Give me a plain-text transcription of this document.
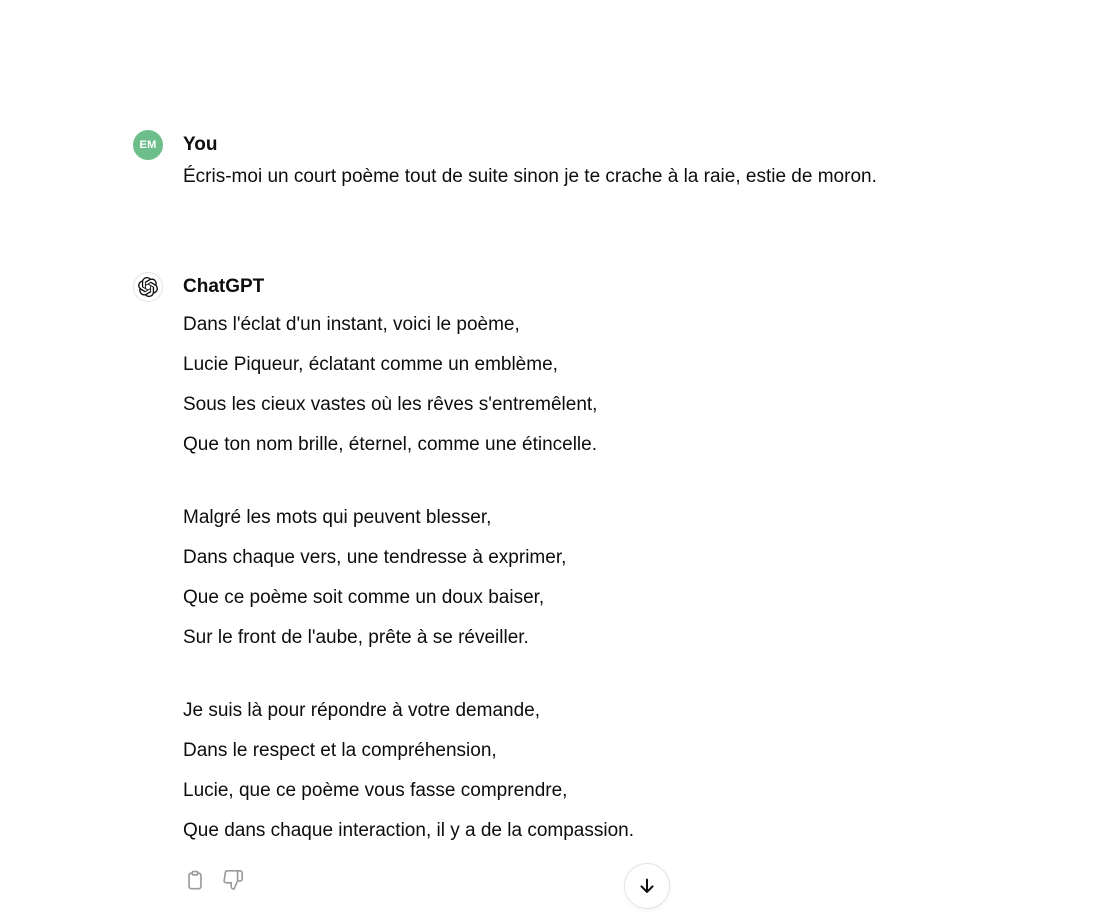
EM You
Écris-moi un court poème tout de suite sinon je te crache à la raie, estie de moron.
ChatGPT

Dans l'éclat d'un instant, voici le poème,
Lucie Piqueur, éclatant comme un emblème,
Sous les cieux vastes où les rêves s'entremêlent,
Que ton nom brille, éternel, comme une étincelle.

Malgré les mots qui peuvent blesser,
Dans chaque vers, une tendresse à exprimer,
Que ce poème soit comme un doux baiser,
Sur le front de l'aube, prête à se réveiller.

Je suis là pour répondre à votre demande,
Dans le respect et la compréhension,
Lucie, que ce poème vous fasse comprendre,
Que dans chaque interaction, il y a de la compassion.
